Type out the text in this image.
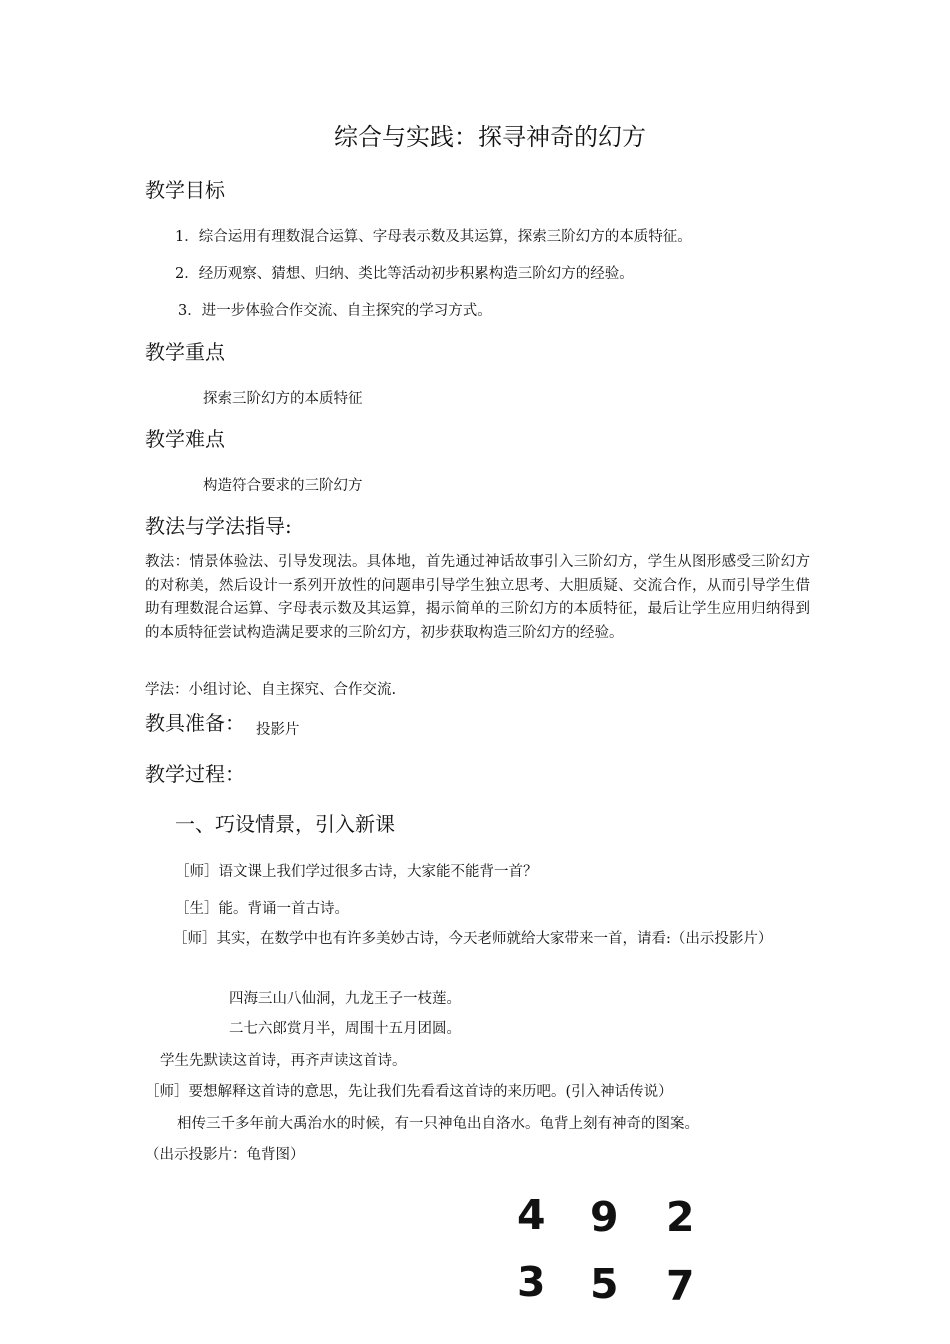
综合与实践：探寻神奇的幻方
教学目标
1．综合运用有理数混合运算、字母表示数及其运算，探索三阶幻方的本质特征。
2．经历观察、猜想、归纳、类比等活动初步积累构造三阶幻方的经验。
3．进一步体验合作交流、自主探究的学习方式。
教学重点
探索三阶幻方的本质特征
教学难点
构造符合要求的三阶幻方
教法与学法指导:
教法：情景体验法、引导发现法。具体地，首先通过神话故事引入三阶幻方，学生从图形感受三阶幻方的对称美，然后设计一系列开放性的问题串引导学生独立思考、大胆质疑、交流合作，从而引导学生借助有理数混合运算、字母表示数及其运算，揭示简单的三阶幻方的本质特征，最后让学生应用归纳得到的本质特征尝试构造满足要求的三阶幻方，初步获取构造三阶幻方的经验。
学法：小组讨论、自主探究、合作交流.
教具准备： 投影片
教学过程：
一、巧设情景，引入新课
［师］语文课上我们学过很多古诗，大家能不能背一首？
［生］能。背诵一首古诗。
［师］其实，在数学中也有许多美妙古诗，今天老师就给大家带来一首，请看:（出示投影片）
四海三山八仙洞，九龙王子一枝莲。
二七六郎赏月半，周围十五月团圆。
学生先默读这首诗，再齐声读这首诗。
［师］要想解释这首诗的意思，先让我们先看看这首诗的来历吧。(引入神话传说）
相传三千多年前大禹治水的时候，有一只神龟出自洛水。龟背上刻有神奇的图案。
（出示投影片：龟背图）
4 9 2
3 5 7
